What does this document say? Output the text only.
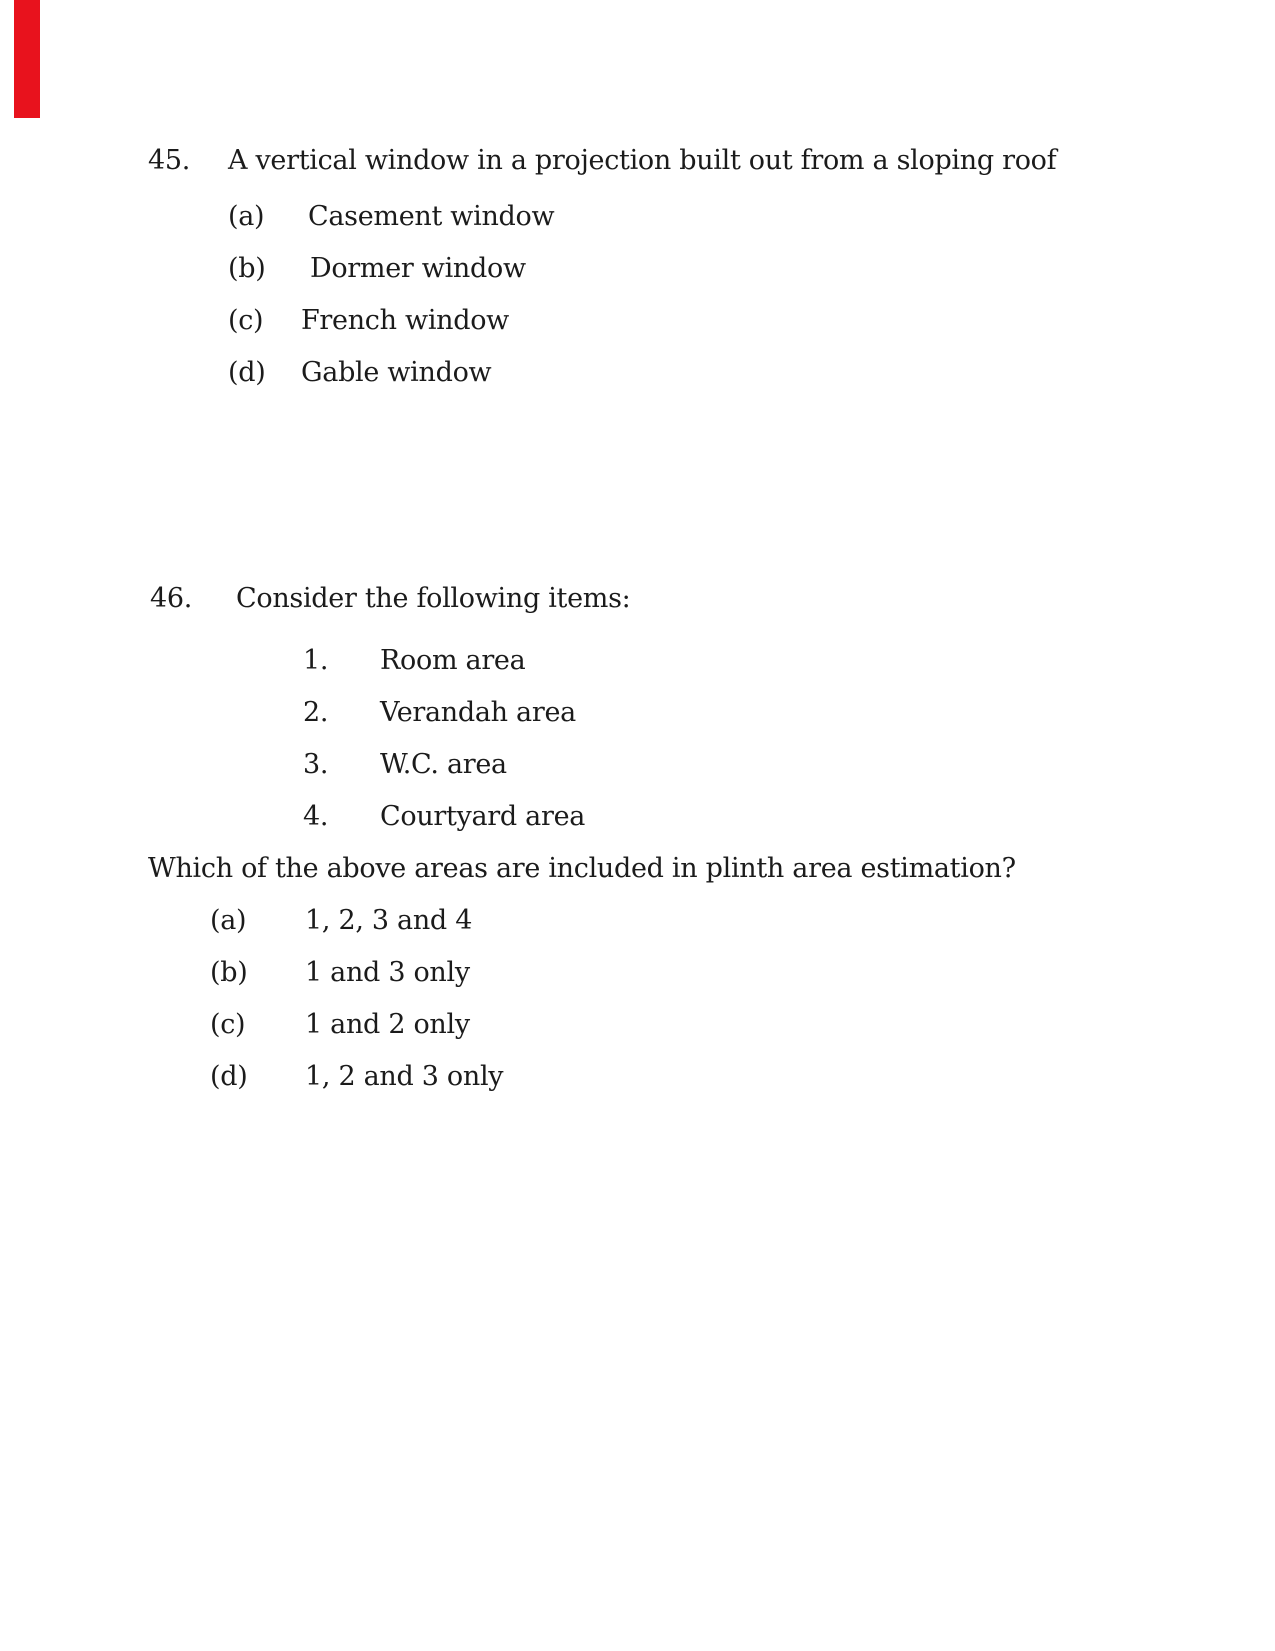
45. A vertical window in a projection built out from a sloping roof
(a) Casement window
(b) Dormer window
(c) French window
(d) Gable window
46. Consider the following items:
1. Room area
2. Verandah area
3. W.C. area
4. Courtyard area
Which of the above areas are included in plinth area estimation?
(a) 1, 2, 3 and 4
(b) 1 and 3 only
(c) 1 and 2 only
(d) 1, 2 and 3 only
